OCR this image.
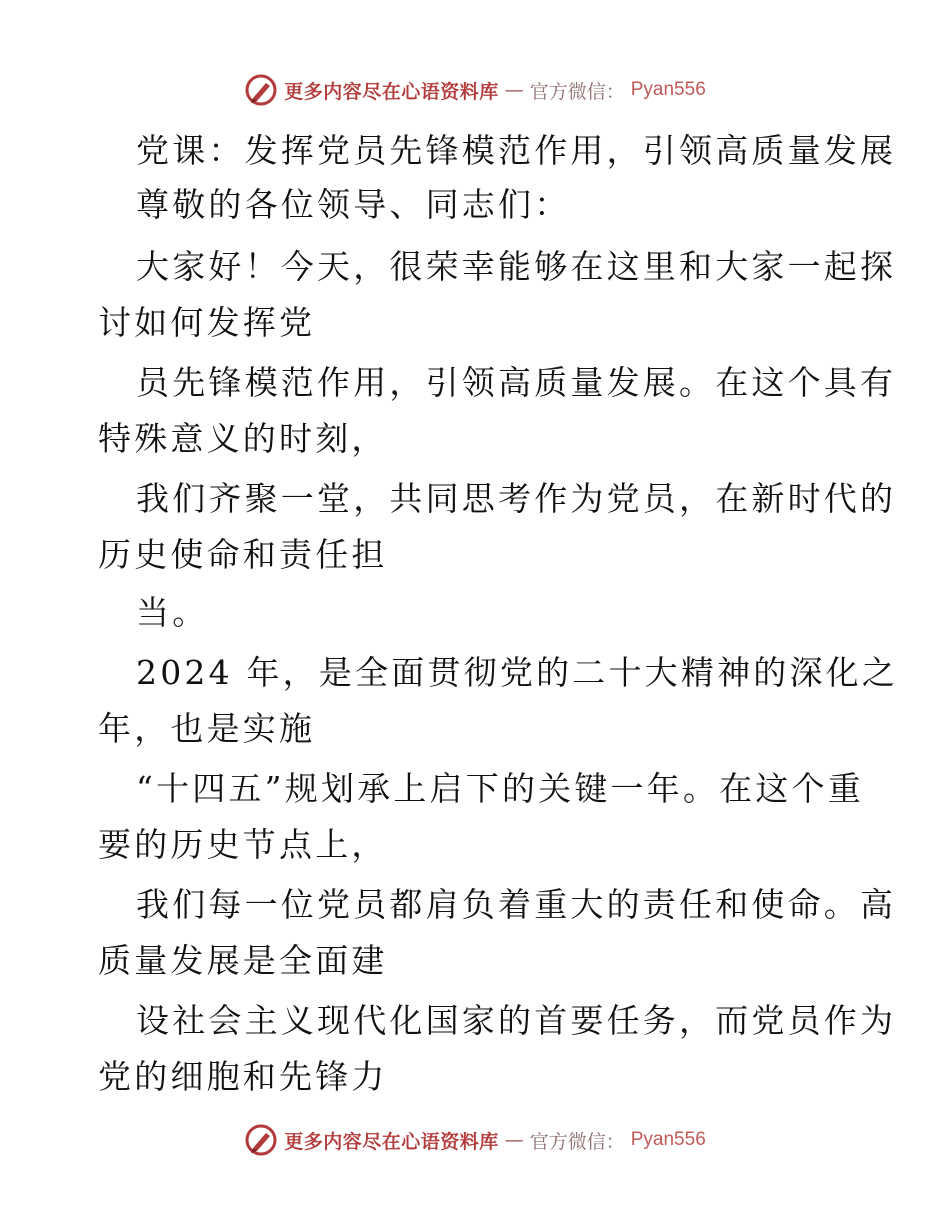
更多内容尽在心语资料库 — 官方微信： Pyan556
党课：发挥党员先锋模范作用，引领高质量发展
尊敬的各位领导、同志们：
大家好！今天，很荣幸能够在这里和大家一起探
讨如何发挥党
员先锋模范作用，引领高质量发展。在这个具有
特殊意义的时刻，
我们齐聚一堂，共同思考作为党员，在新时代的
历史使命和责任担
当。
2024 年，是全面贯彻党的二十大精神的深化之
年，也是实施
“十四五”规划承上启下的关键一年。在这个重
要的历史节点上，
我们每一位党员都肩负着重大的责任和使命。高
质量发展是全面建
设社会主义现代化国家的首要任务，而党员作为
党的细胞和先锋力
更多内容尽在心语资料库 — 官方微信： Pyan556
